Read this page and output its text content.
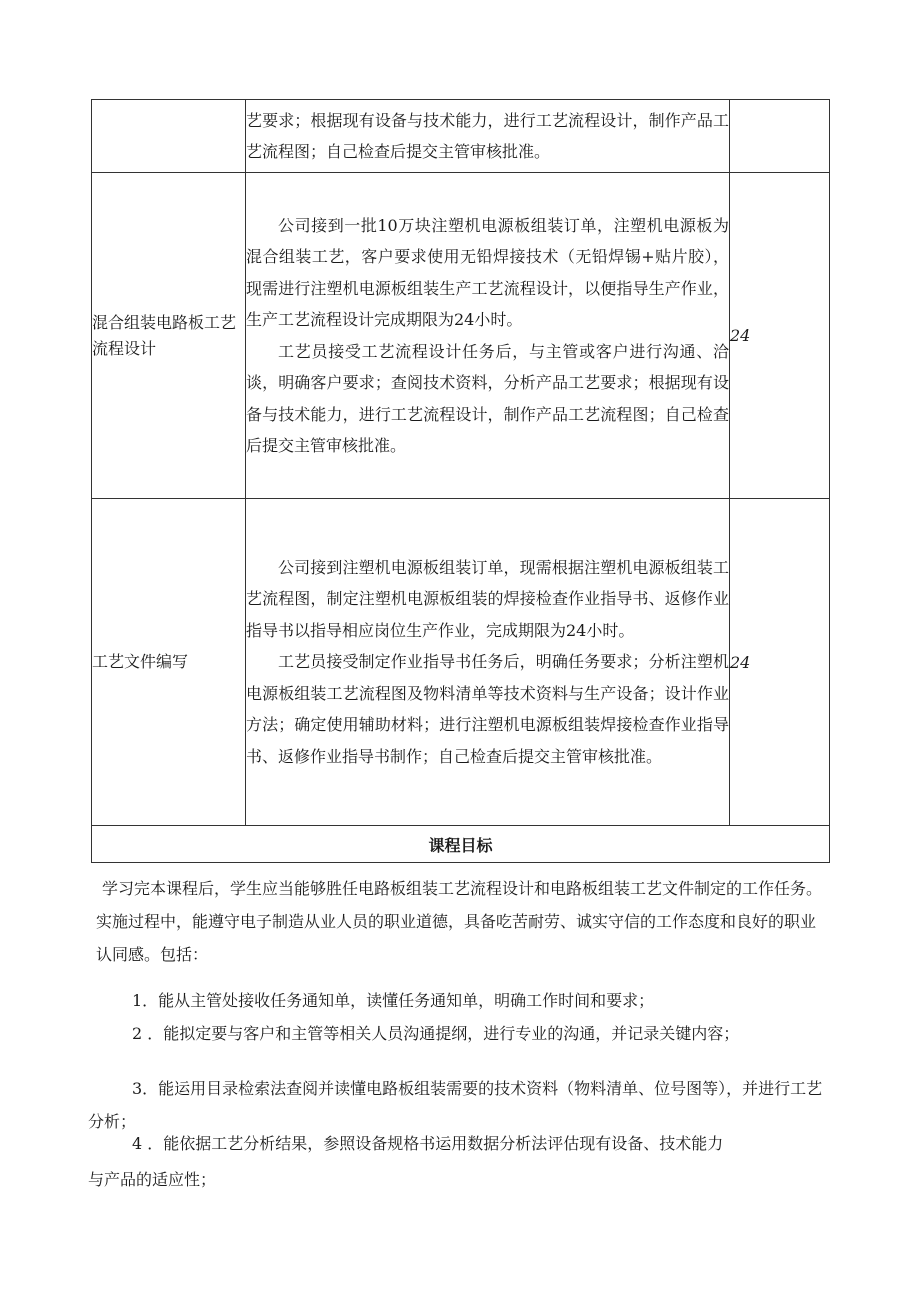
	艺要求；根据现有设备与技术能力，进行工艺流程设计，制作产品工艺流程图；自己检查后提交主管审核批准。	

混合组装电路板工艺流程设计	公司接到一批10万块注塑机电源板组装订单，注塑机电源板为混合组装工艺，客户要求使用无铅焊接技术（无铅焊锡+贴片胶），现需进行注塑机电源板组装生产工艺流程设计，以便指导生产作业，生产工艺流程设计完成期限为24小时。

工艺员接受工艺流程设计任务后，与主管或客户进行沟通、洽谈，明确客户要求；查阅技术资料，分析产品工艺要求；根据现有设备与技术能力，进行工艺流程设计，制作产品工艺流程图；自己检查后提交主管审核批准。	24
工艺文件编写	公司接到注塑机电源板组装订单，现需根据注塑机电源板组装工艺流程图，制定注塑机电源板组装的焊接检查作业指导书、返修作业指导书以指导相应岗位生产作业，完成期限为24小时。

工艺员接受制定作业指导书任务后，明确任务要求；分析注塑机电源板组装工艺流程图及物料清单等技术资料与生产设备；设计作业方法；确定使用辅助材料；进行注塑机电源板组装焊接检查作业指导书、返修作业指导书制作；自己检查后提交主管审核批准。	24
课程目标		

学习完本课程后，学生应当能够胜任电路板组装工艺流程设计和电路板组装工艺文件制定的工作任务。实施过程中，能遵守电子制造从业人员的职业道德，具备吃苦耐劳、诚实守信的工作态度和良好的职业认同感。包括：

1．能从主管处接收任务通知单，读懂任务通知单，明确工作时间和要求；

2 ．能拟定要与客户和主管等相关人员沟通提纲，进行专业的沟通，并记录关键内容；

3．能运用目录检索法查阅并读懂电路板组装需要的技术资料（物料清单、位号图等），并进行工艺分析；

4 ．能依据工艺分析结果，参照设备规格书运用数据分析法评估现有设备、技术能力

与产品的适应性；
